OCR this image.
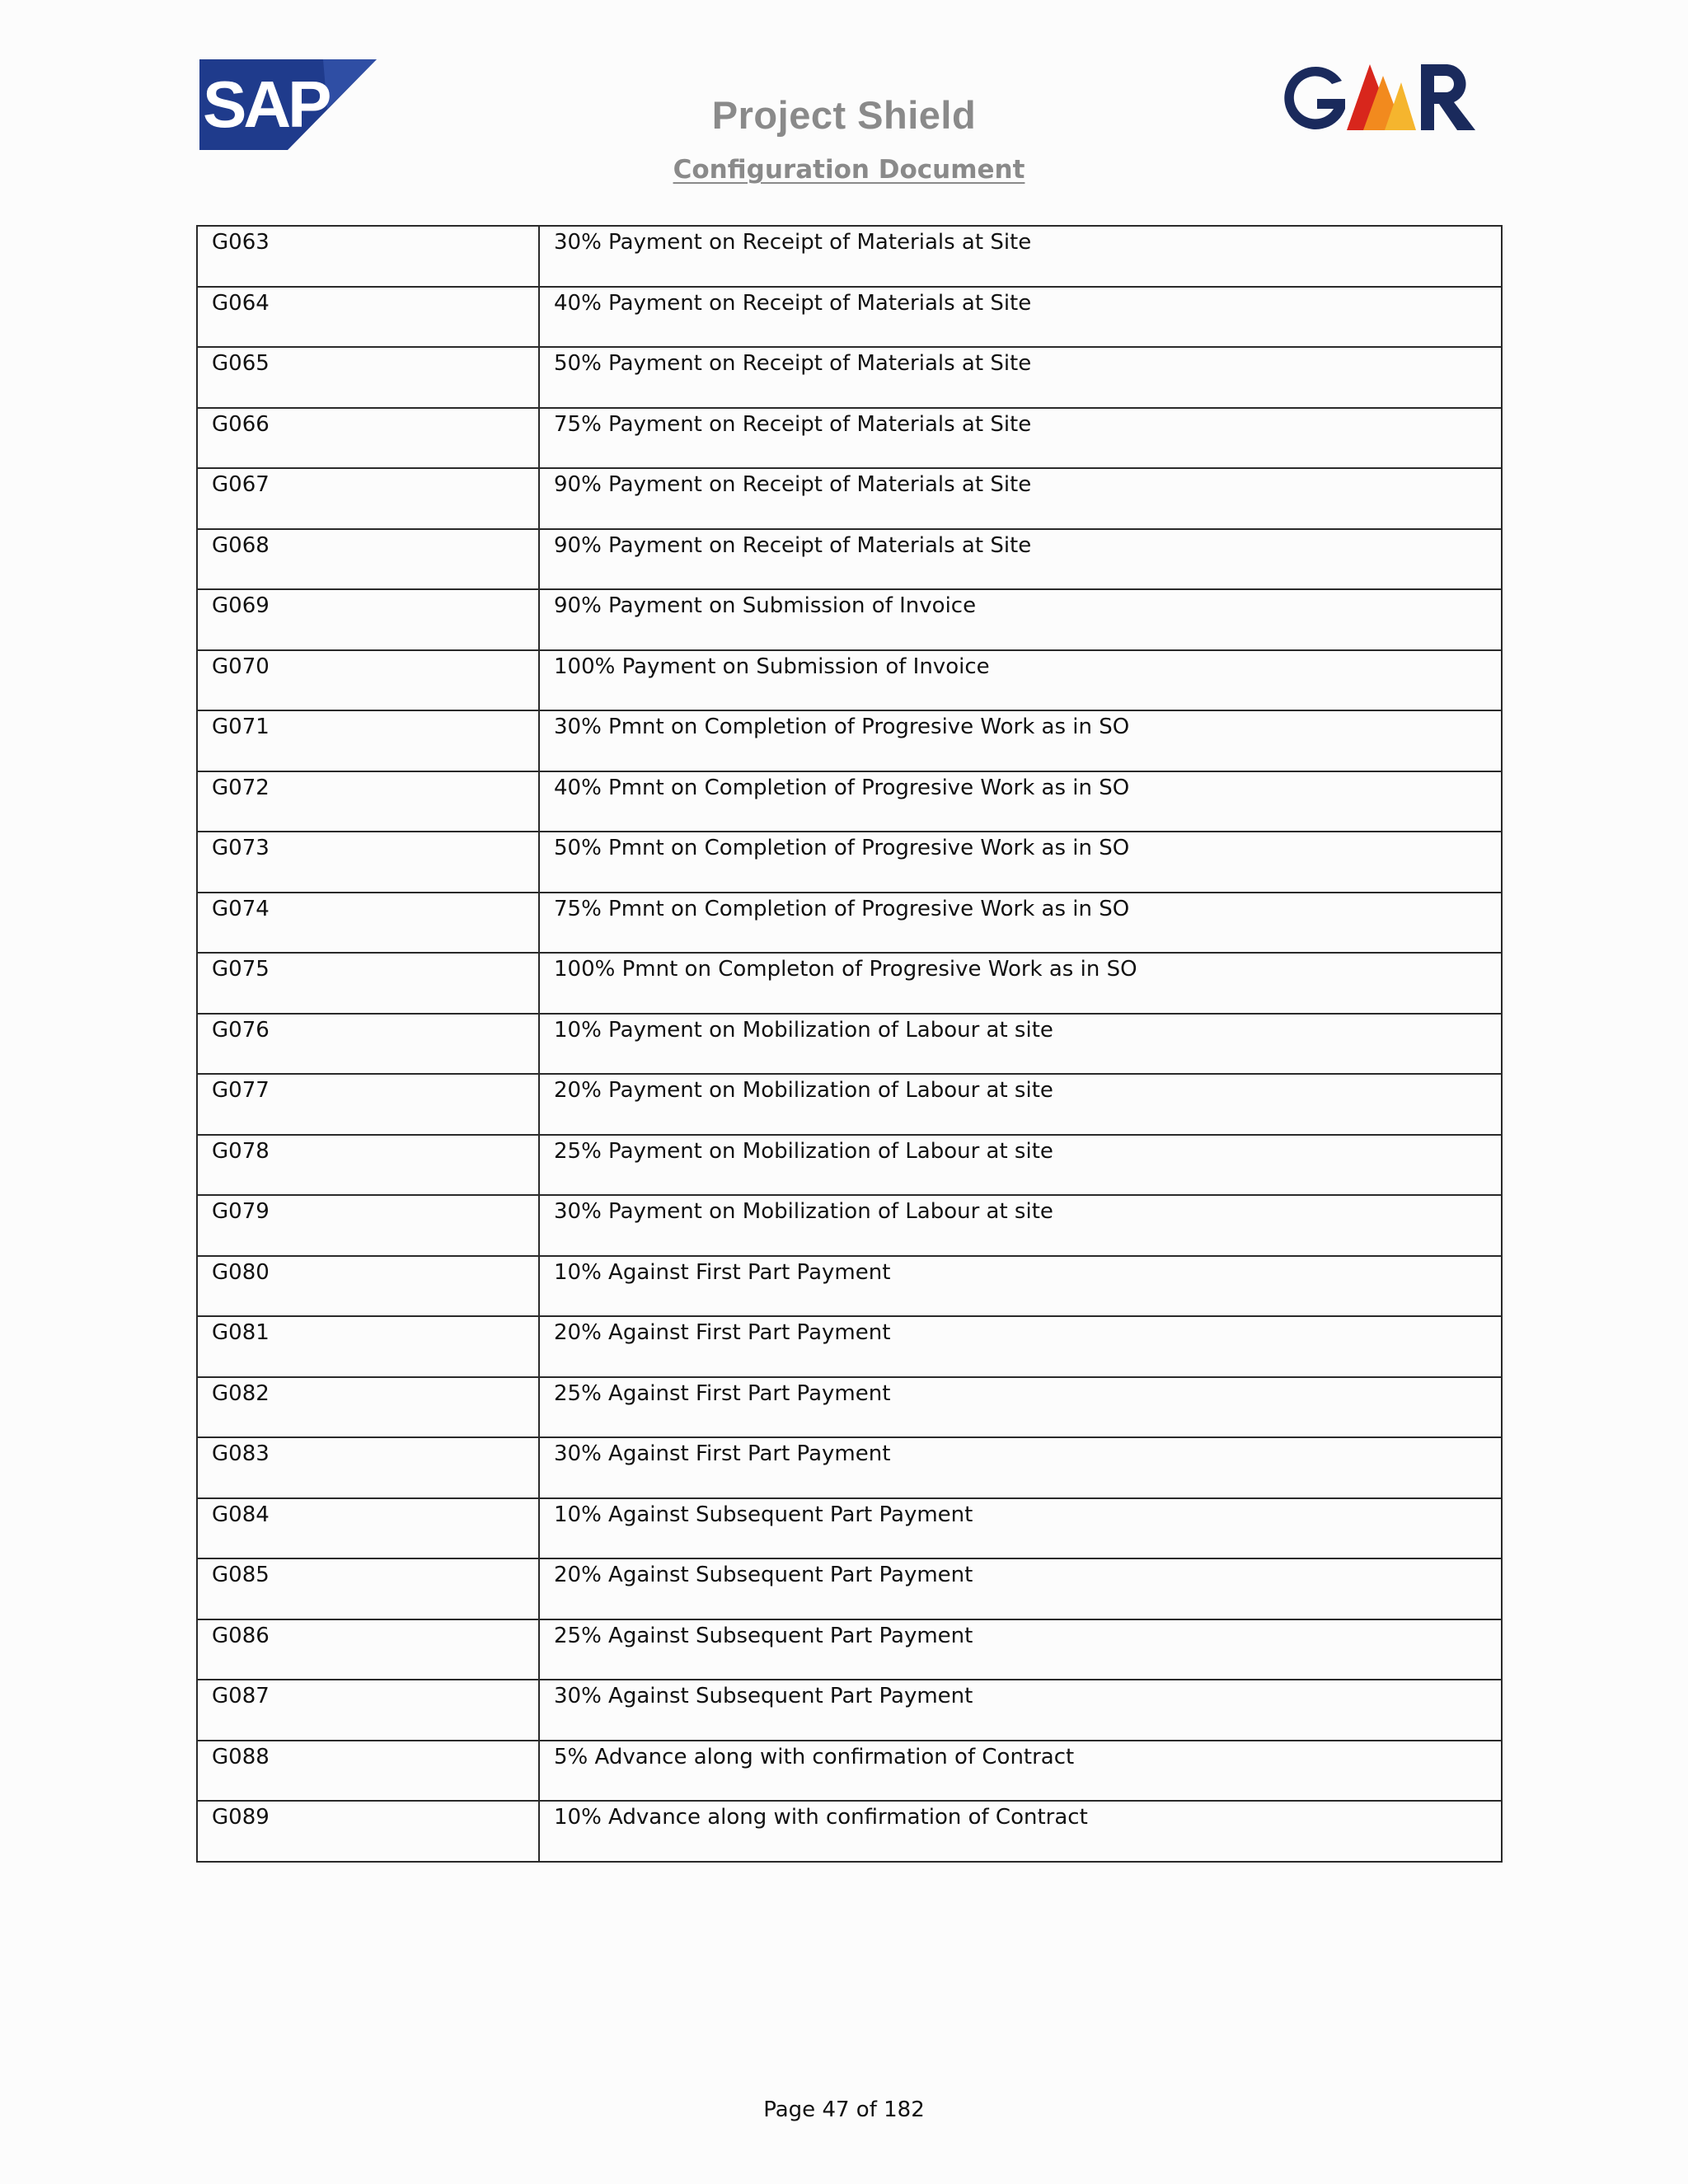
SAP
GMR
Project Shield
Configuration Document
G063	30% Payment on Receipt of Materials at Site

G064	40% Payment on Receipt of Materials at Site

G065	50% Payment on Receipt of Materials at Site

G066	75% Payment on Receipt of Materials at Site

G067	90% Payment on Receipt of Materials at Site

G068	90% Payment on Receipt of Materials at Site

G069	90% Payment on Submission of Invoice

G070	100% Payment on Submission of Invoice

G071	30% Pmnt on Completion of Progresive Work as in SO

G072	40% Pmnt on Completion of Progresive Work as in SO

G073	50% Pmnt on Completion of Progresive Work as in SO

G074	75% Pmnt on Completion of Progresive Work as in SO

G075	100% Pmnt on Completon of Progresive Work as in SO

G076	10% Payment on Mobilization of Labour at site

G077	20% Payment on Mobilization of Labour at site

G078	25% Payment on Mobilization of Labour at site

G079	30% Payment on Mobilization of Labour at site

G080	10% Against First Part Payment

G081	20% Against First Part Payment

G082	25% Against First Part Payment

G083	30% Against First Part Payment

G084	10% Against Subsequent Part Payment

G085	20% Against Subsequent Part Payment

G086	25% Against Subsequent Part Payment

G087	30% Against Subsequent Part Payment

G088	5% Advance along with confirmation of Contract

G089	10% Advance along with confirmation of Contract
Page 47 of 182
